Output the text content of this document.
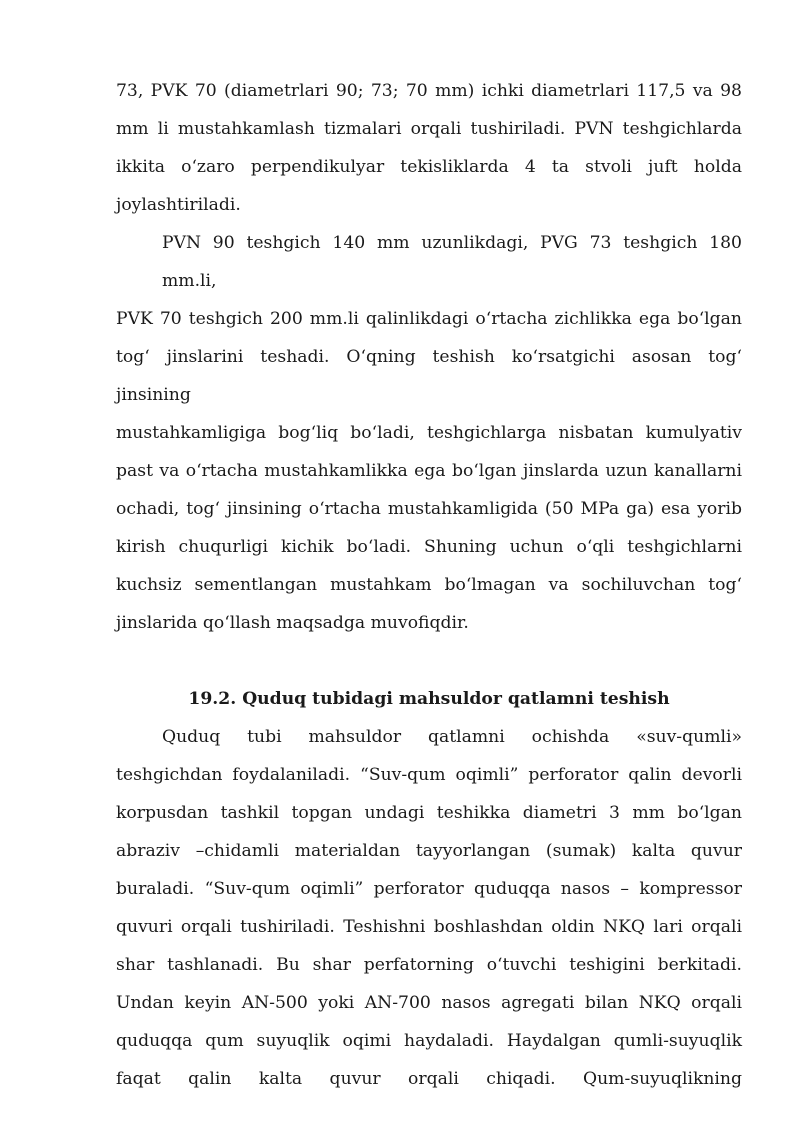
73, PVK 70 (diametrlari 90; 73; 70 mm) ichki diametrlari 117,5 va 98
mm li mustahkamlash tizmalari orqali tushiriladi. PVN teshgichlarda
ikkita o‘zaro perpendikulyar tekisliklarda 4 ta stvoli juft holda
joylashtiriladi.
PVN 90 teshgich 140 mm uzunlikdagi, PVG 73 teshgich 180 mm.li,
PVK 70 teshgich 200 mm.li qalinlikdagi o‘rtacha zichlikka ega bo‘lgan
tog‘ jinslarini teshadi. O‘qning teshish ko‘rsatgichi asosan tog‘ jinsining
mustahkamligiga bog‘liq bo‘ladi, teshgichlarga nisbatan kumulyativ
past va o‘rtacha mustahkamlikka ega bo‘lgan jinslarda uzun kanallarni
ochadi, tog‘ jinsining o‘rtacha mustahkamligida (50 MPa ga) esa yorib
kirish chuqurligi kichik bo‘ladi. Shuning uchun o‘qli teshgichlarni
kuchsiz sementlangan mustahkam bo‘lmagan va sochiluvchan tog‘
jinslarida qo‘llash maqsadga muvofiqdir.
19.2. Quduq tubidagi mahsuldor qatlamni teshish
Quduq tubi mahsuldor qatlamni ochishda «suv-qumli»
teshgichdan foydalaniladi. “Suv-qum oqimli” perforator qalin devorli
korpusdan tashkil topgan undagi teshikka diametri 3 mm bo‘lgan
abraziv –chidamli materialdan tayyorlangan (sumak) kalta quvur
buraladi. “Suv-qum oqimli” perforator quduqqa nasos – kompressor
quvuri orqali tushiriladi. Teshishni boshlashdan oldin NKQ lari orqali
shar tashlanadi. Bu shar perfatorning o‘tuvchi teshigini berkitadi.
Undan keyin AN-500 yoki AN-700 nasos agregati bilan NKQ orqali
quduqqa qum suyuqlik oqimi haydaladi. Haydalgan qumli-suyuqlik
faqat qalin kalta quvur orqali chiqadi. Qum-suyuqlikning
